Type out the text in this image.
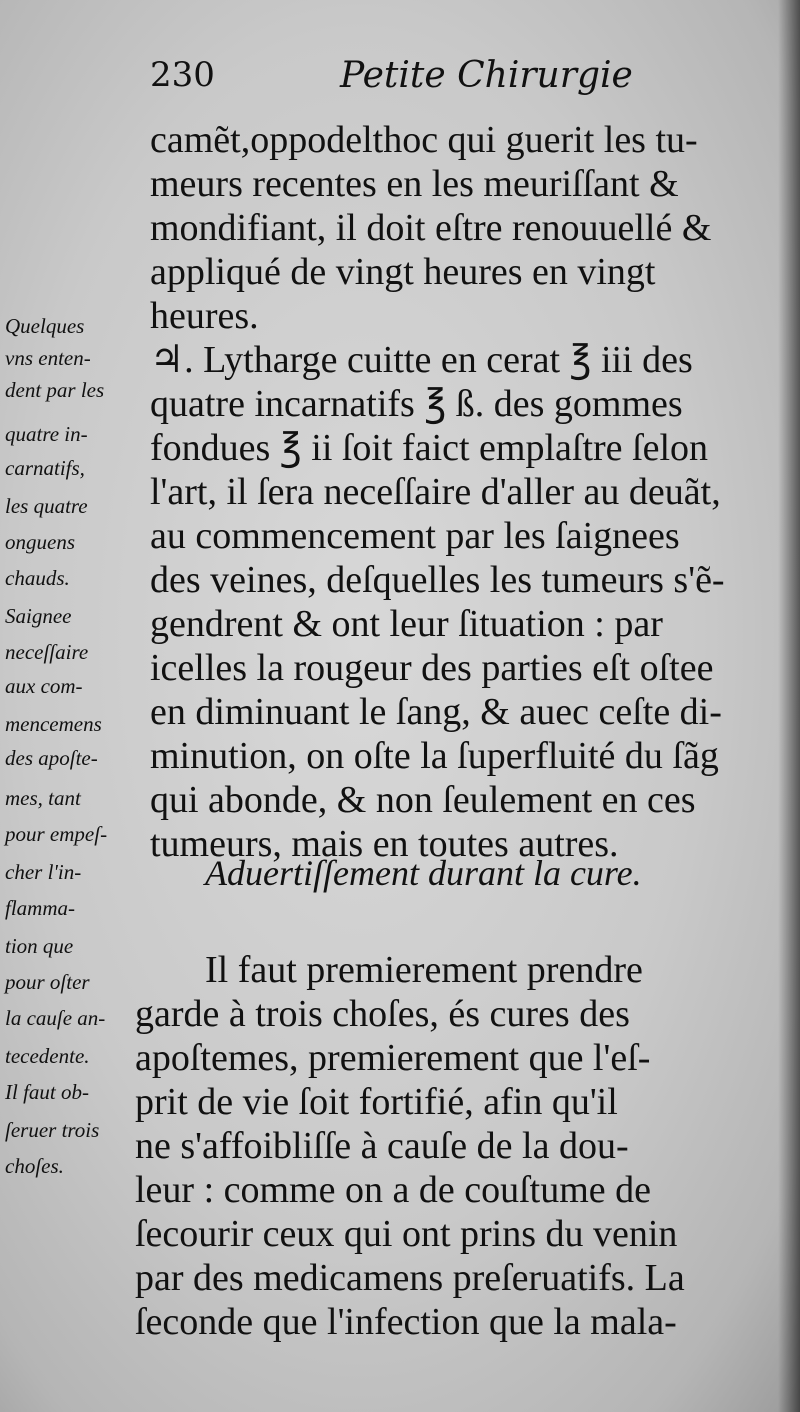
230	Petite Chirurgie
camẽt,oppodelthoc qui guerit les tu-
meurs recentes en les meuriſſant &
mondifiant, il doit eſtre renouuellé &
appliqué de vingt heures en vingt
heures.
♃. Lytharge cuitte en cerat ℥ iii des
quatre incarnatifs ℥ ß. des gommes
fondues ℥ ii ſoit faict emplaſtre ſelon
l'art, il ſera neceſſaire d'aller au deuãt,
au commencement par les ſaignees
des veines, deſquelles les tumeurs s'ẽ-
gendrent & ont leur ſituation : par
icelles la rougeur des parties eſt oſtee
en diminuant le ſang, & auec ceſte di-
minution, on oſte la ſuperfluité du ſãg
qui abonde, & non ſeulement en ces
tumeurs, mais en toutes autres.
Aduertiſſement durant la cure.
Il faut premierement prendre
garde à trois choſes, és cures des
apoſtemes, premierement que l'eſ-
prit de vie ſoit fortifié, afin qu'il
ne s'affoibliſſe à cauſe de la dou-
leur : comme on a de couſtume de
ſecourir ceux qui ont prins du venin
par des medicamens preſeruatifs. La
ſeconde que l'infection que la mala-
Quelques
vns enten-
dent par les
quatre in-
carnatifs,
les quatre
onguens
chauds.
Saignee
neceſſaire
aux com-
mencemens
des apoſte-
mes, tant
pour empeſ-
cher l'in-
flamma-
tion que
pour oſter
la cauſe an-
tecedente.
Il faut ob-
ſeruer trois
choſes.
